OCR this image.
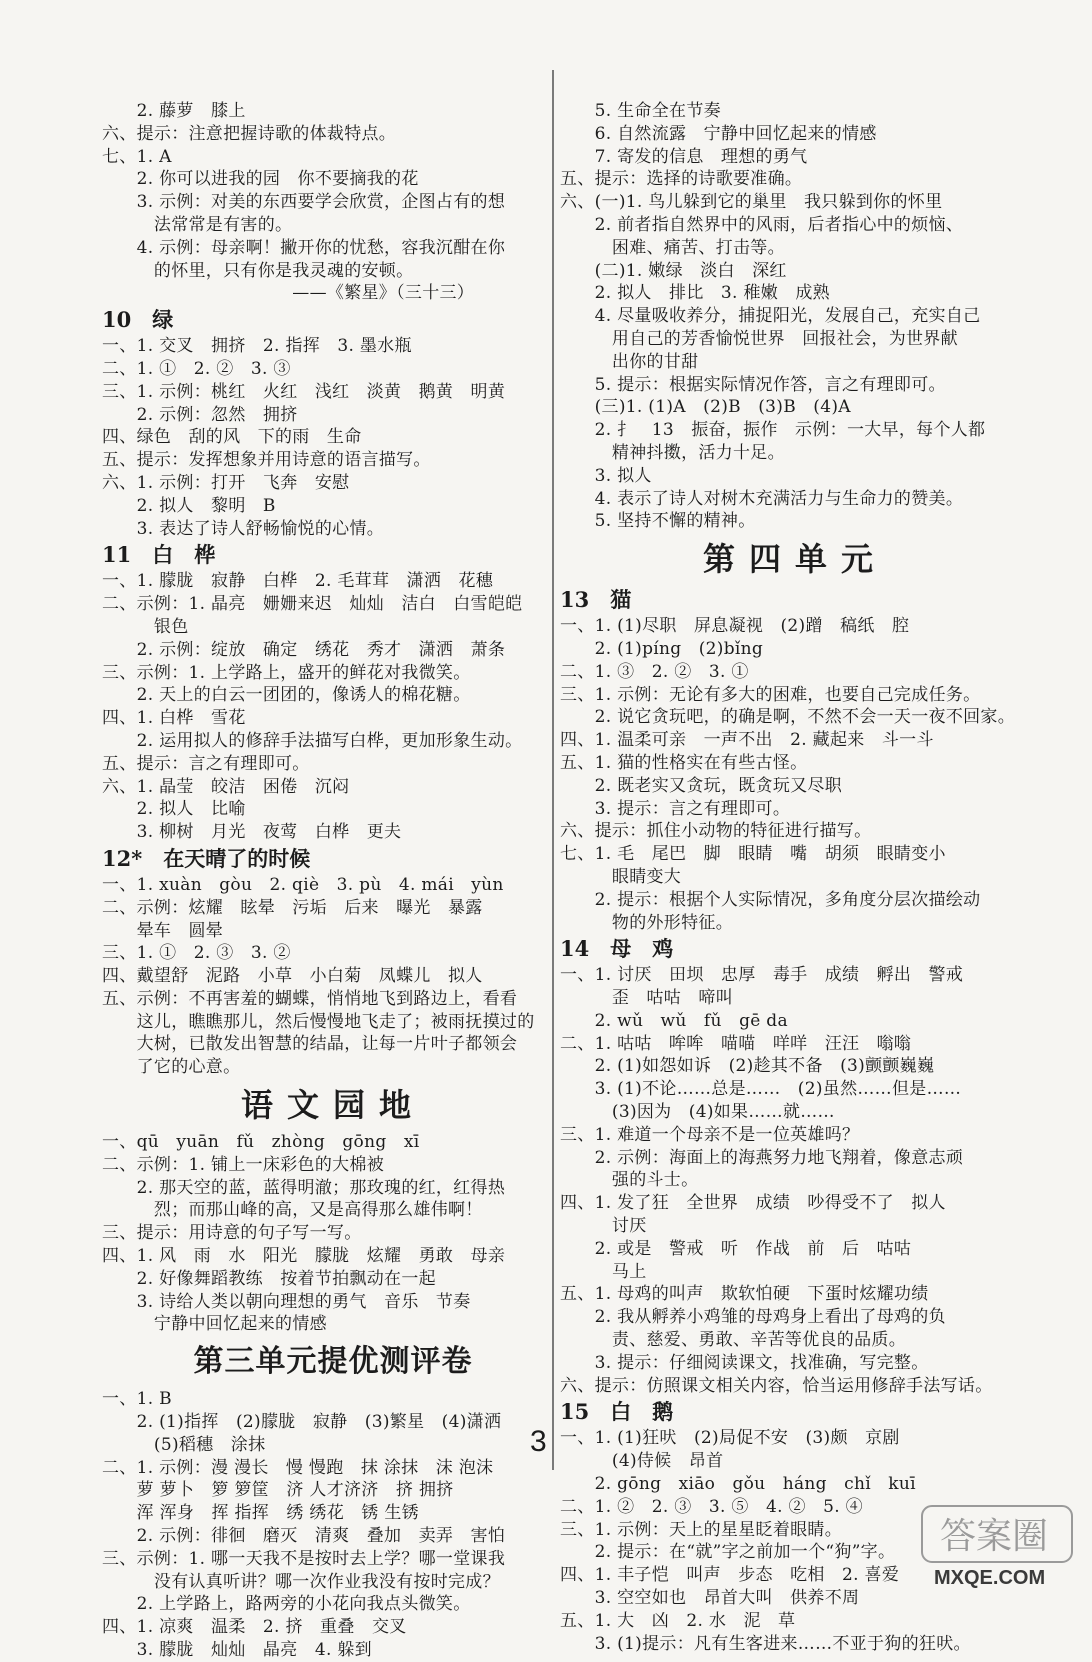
　　2. 藤萝　膝上
六、提示：注意把握诗歌的体裁特点。
七、1. A
　　2. 你可以进我的园　你不要摘我的花
　　3. 示例：对美的东西要学会欣赏，企图占有的想
　　　法常常是有害的。
　　4. 示例：母亲啊！撇开你的忧愁，容我沉酣在你
　　　的怀里，只有你是我灵魂的安顿。
　　　　　　　　　　　——《繁星》（三十三）
10　绿
一、1. 交叉　拥挤　2. 指挥　3. 墨水瓶
二、1. ①　2. ②　3. ③
三、1. 示例：桃红　火红　浅红　淡黄　鹅黄　明黄
　　2. 示例：忽然　拥挤
四、绿色　刮的风　下的雨　生命
五、提示：发挥想象并用诗意的语言描写。
六、1. 示例：打开　飞奔　安慰
　　2. 拟人　黎明　B
　　3. 表达了诗人舒畅愉悦的心情。
11　白　桦
一、1. 朦胧　寂静　白桦　2. 毛茸茸　潇洒　花穗
二、示例：1. 晶亮　姗姗来迟　灿灿　洁白　白雪皑皑
　　　银色
　　2. 示例：绽放　确定　绣花　秀才　潇洒　萧条
三、示例：1. 上学路上，盛开的鲜花对我微笑。
　　2. 天上的白云一团团的，像诱人的棉花糖。
四、1. 白桦　雪花
　　2. 运用拟人的修辞手法描写白桦，更加形象生动。
五、提示：言之有理即可。
六、1. 晶莹　皎洁　困倦　沉闷
　　2. 拟人　比喻
　　3. 柳树　月光　夜莺　白桦　更夫
12*　在天晴了的时候
一、1. xuàn　gòu　2. qiè　3. pù　4. mái　yùn
二、示例：炫耀　眩晕　污垢　后来　曝光　暴露
　　晕车　圆晕
三、1. ①　2. ③　3. ②
四、戴望舒　泥路　小草　小白菊　凤蝶儿　拟人
五、示例：不再害羞的蝴蝶，悄悄地飞到路边上，看看
　　这儿，瞧瞧那儿，然后慢慢地飞走了；被雨抚摸过的
　　大树，已散发出智慧的结晶，让每一片叶子都领会
　　了它的心意。
语文园地
一、qū　yuān　fǔ　zhòng　gōng　xī
二、示例：1. 铺上一床彩色的大棉被
　　2. 那天空的蓝，蓝得明澈；那玫瑰的红，红得热
　　　烈；而那山峰的高，又是高得那么雄伟啊！
三、提示：用诗意的句子写一写。
四、1. 风　雨　水　阳光　朦胧　炫耀　勇敢　母亲
　　2. 好像舞蹈教练　按着节拍飘动在一起
　　3. 诗给人类以朝向理想的勇气　音乐　节奏
　　　宁静中回忆起来的情感
第三单元提优测评卷
一、1. B
　　2. (1)指挥　(2)朦胧　寂静　(3)繁星　(4)潇洒
　　　(5)稻穗　涂抹
二、1. 示例：漫 漫长　慢 慢跑　抹 涂抹　沫 泡沫
　　萝 萝卜　箩 箩筐　济 人才济济　挤 拥挤
　　浑 浑身　挥 指挥　绣 绣花　锈 生锈
　　2. 示例：徘徊　磨灭　清爽　叠加　卖弄　害怕
三、示例：1. 哪一天我不是按时去上学？哪一堂课我
　　　没有认真听讲？哪一次作业我没有按时完成？
　　2. 上学路上，路两旁的小花向我点头微笑。
四、1. 凉爽　温柔　2. 挤　重叠　交叉
　　3. 朦胧　灿灿　晶亮　4. 躲到
　　5. 生命全在节奏
　　6. 自然流露　宁静中回忆起来的情感
　　7. 寄发的信息　理想的勇气
五、提示：选择的诗歌要准确。
六、(一)1. 鸟儿躲到它的巢里　我只躲到你的怀里
　　2. 前者指自然界中的风雨，后者指心中的烦恼、
　　　困难、痛苦、打击等。
　　(二)1. 嫩绿　淡白　深红
　　2. 拟人　排比　3. 稚嫩　成熟
　　4. 尽量吸收养分，捕捉阳光，发展自己，充实自己
　　　用自己的芳香愉悦世界　回报社会，为世界献
　　　出你的甘甜
　　5. 提示：根据实际情况作答，言之有理即可。
　　(三)1. (1)A　(2)B　(3)B　(4)A
　　2. 扌　13　振奋，振作　示例：一大早，每个人都
　　　精神抖擞，活力十足。
　　3. 拟人
　　4. 表示了诗人对树木充满活力与生命力的赞美。
　　5. 坚持不懈的精神。
第四单元
13　猫
一、1. (1)尽职　屏息凝视　(2)蹭　稿纸　腔
　　2. (1)píng　(2)bǐng
二、1. ③　2. ②　3. ①
三、1. 示例：无论有多大的困难，也要自己完成任务。
　　2. 说它贪玩吧，的确是啊，不然不会一天一夜不回家。
四、1. 温柔可亲　一声不出　2. 藏起来　斗一斗
五、1. 猫的性格实在有些古怪。
　　2. 既老实又贪玩，既贪玩又尽职
　　3. 提示：言之有理即可。
六、提示：抓住小动物的特征进行描写。
七、1. 毛　尾巴　脚　眼睛　嘴　胡须　眼睛变小
　　　眼睛变大
　　2. 提示：根据个人实际情况，多角度分层次描绘动
　　　物的外形特征。
14　母　鸡
一、1. 讨厌　田坝　忠厚　毒手　成绩　孵出　警戒
　　　歪　咕咕　啼叫
　　2. wǔ　wǔ　fǔ　gē da
二、1. 咕咕　哞哞　喵喵　咩咩　汪汪　嗡嗡
　　2. (1)如怨如诉　(2)趁其不备　(3)颤颤巍巍
　　3. (1)不论……总是……　(2)虽然……但是……
　　　(3)因为　(4)如果……就……
三、1. 难道一个母亲不是一位英雄吗？
　　2. 示例：海面上的海燕努力地飞翔着，像意志顽
　　　强的斗士。
四、1. 发了狂　全世界　成绩　吵得受不了　拟人
　　　讨厌
　　2. 或是　警戒　听　作战　前　后　咕咕
　　　马上
五、1. 母鸡的叫声　欺软怕硬　下蛋时炫耀功绩
　　2. 我从孵养小鸡雏的母鸡身上看出了母鸡的负
　　　责、慈爱、勇敢、辛苦等优良的品质。
　　3. 提示：仔细阅读课文，找准确，写完整。
六、提示：仿照课文相关内容，恰当运用修辞手法写话。
15　白　鹅
一、1. (1)狂吠　(2)局促不安　(3)颇　京剧
　　　(4)侍候　昂首
　　2. gōng　xiāo　gǒu　háng　chǐ　kuī
二、1. ②　2. ③　3. ⑤　4. ②　5. ④
三、1. 示例：天上的星星眨着眼睛。
　　2. 提示：在“就”字之前加一个“狗”字。
四、1. 丰子恺　叫声　步态　吃相　2. 喜爱
　　3. 空空如也　昂首大叫　供养不周
五、1. 大　凶　2. 水　泥　草
　　3. (1)提示：凡有生客进来……不亚于狗的狂吠。
3
答案圈
MXQE.COM
